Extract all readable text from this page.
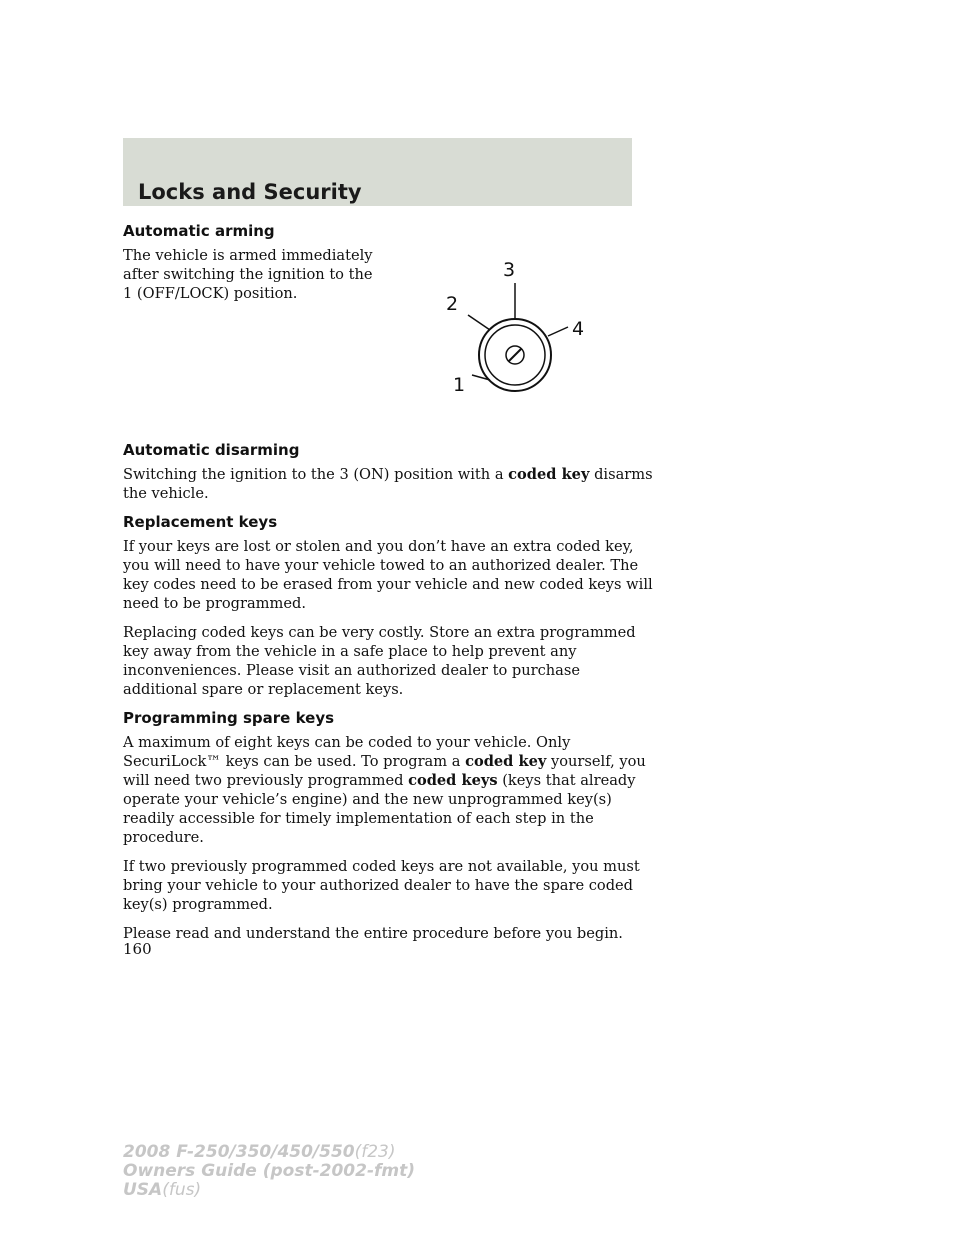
Locks and Security
Automatic arming

The vehicle is armed immediately after switching the ignition to the 1 (OFF/LOCK) position.

Automatic disarming

Switching the ignition to the 3 (ON) position with a coded key disarms the vehicle.

Replacement keys

If your keys are lost or stolen and you don’t have an extra coded key, you will need to have your vehicle towed to an authorized dealer. The key codes need to be erased from your vehicle and new coded keys will need to be programmed.

Replacing coded keys can be very costly. Store an extra programmed key away from the vehicle in a safe place to help prevent any inconveniences. Please visit an authorized dealer to purchase additional spare or replacement keys.

Programming spare keys

A maximum of eight keys can be coded to your vehicle. Only SecuriLock™ keys can be used. To program a coded key yourself, you will need two previously programmed coded keys (keys that already operate your vehicle’s engine) and the new unprogrammed key(s) readily accessible for timely implementation of each step in the procedure.

If two previously programmed coded keys are not available, you must bring your vehicle to your authorized dealer to have the spare coded key(s) programmed.

Please read and understand the entire procedure before you begin.

3
2
4
1
160
2008 F-250/350/450/550(f23)
Owners Guide (post-2002-fmt)
USA(fus)
